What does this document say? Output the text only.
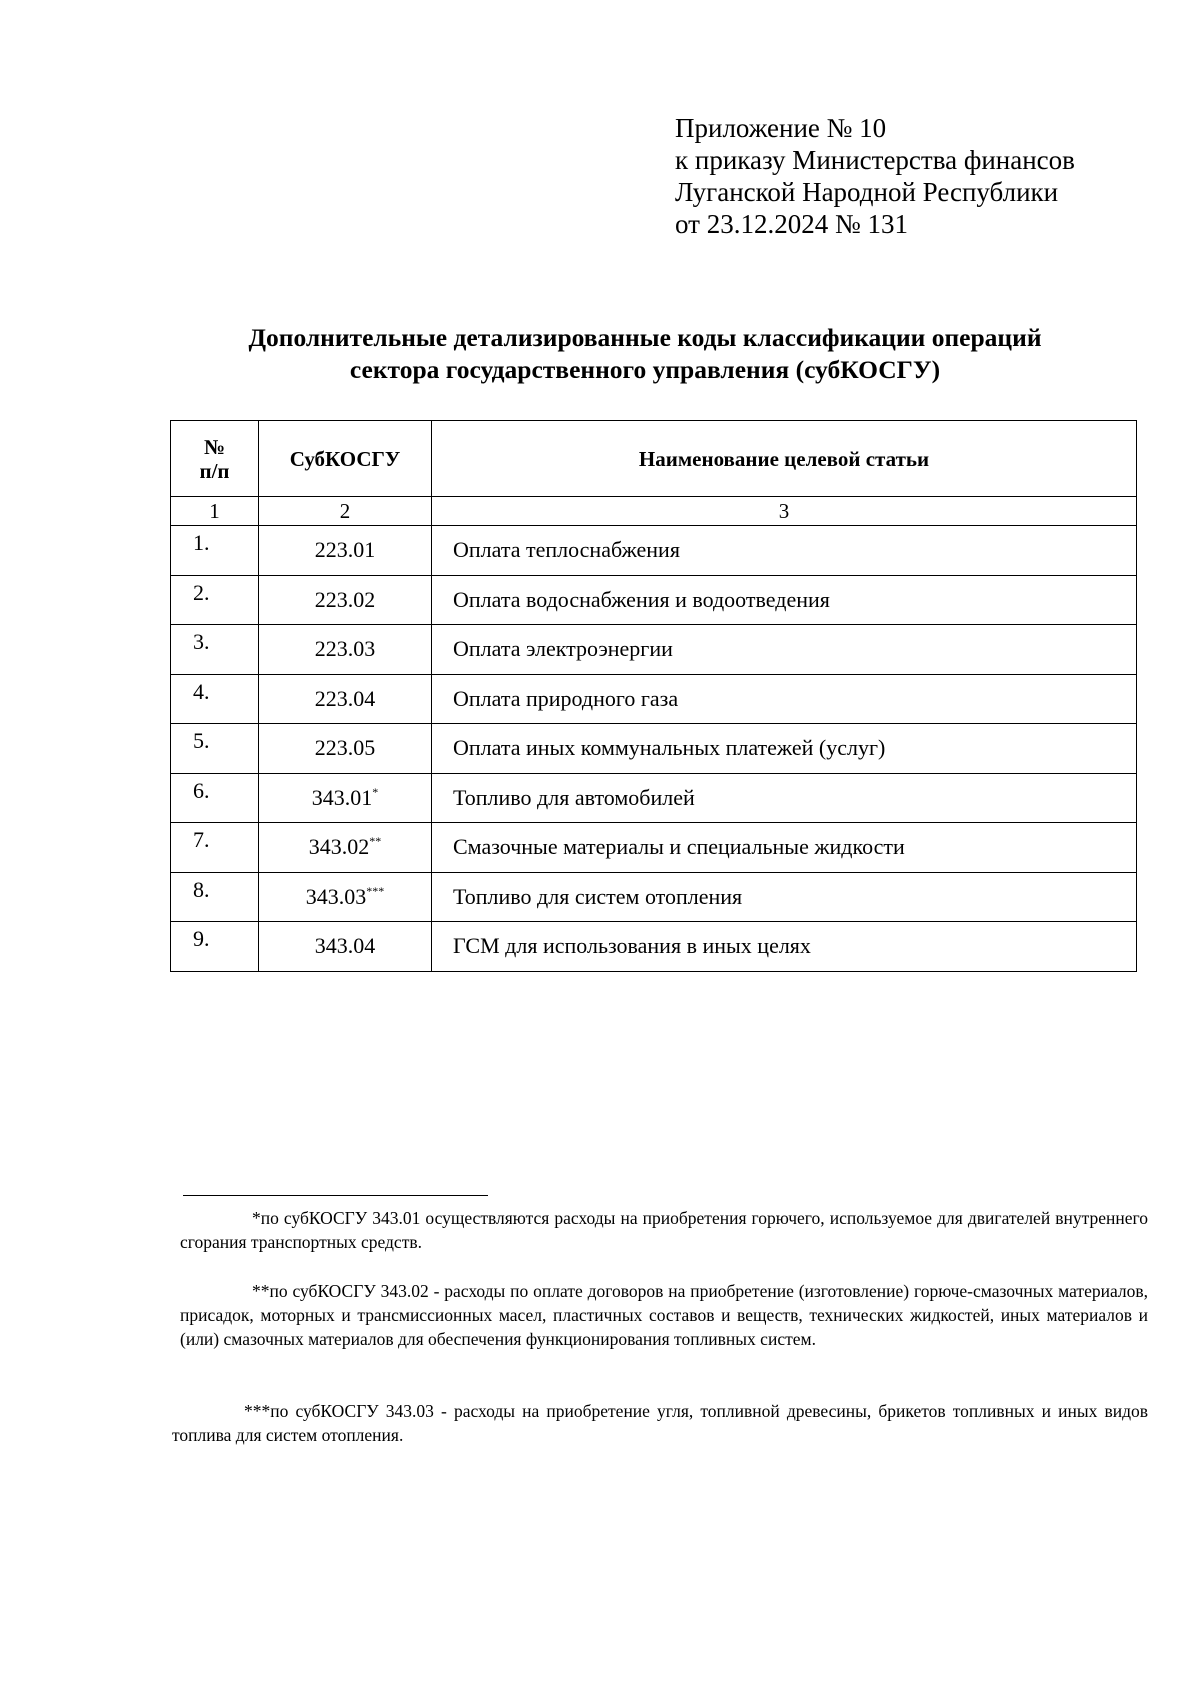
Приложение № 10
к приказу Министерства финансов
Луганской Народной Республики
от 23.12.2024 № 131
Дополнительные детализированные коды классификации операций
сектора государственного управления (субКОСГУ)
№
п/п	СубКОСГУ	Наименование целевой статьи
1	2	3
1.	223.01	Оплата теплоснабжения
2.	223.02	Оплата водоснабжения и водоотведения
3.	223.03	Оплата электроэнергии
4.	223.04	Оплата природного газа
5.	223.05	Оплата иных коммунальных платежей (услуг)
6.	343.01*	Топливо для автомобилей
7.	343.02**	Смазочные материалы и специальные жидкости
8.	343.03***	Топливо для систем отопления
9.	343.04	ГСМ для использования в иных целях

*по субКОСГУ 343.01 осуществляются расходы на приобретения горючего, используемое для двигателей внутреннего сгорания транспортных средств.

**по субКОСГУ 343.02 - расходы по оплате договоров на приобретение (изготовление) горюче-смазочных материалов, присадок, моторных и трансмиссионных масел, пластичных составов и веществ, технических жидкостей, иных материалов и (или) смазочных материалов для обеспечения функционирования топливных систем.

***по субКОСГУ 343.03 - расходы на приобретение угля, топливной древесины, брикетов топливных и иных видов топлива для систем отопления.
